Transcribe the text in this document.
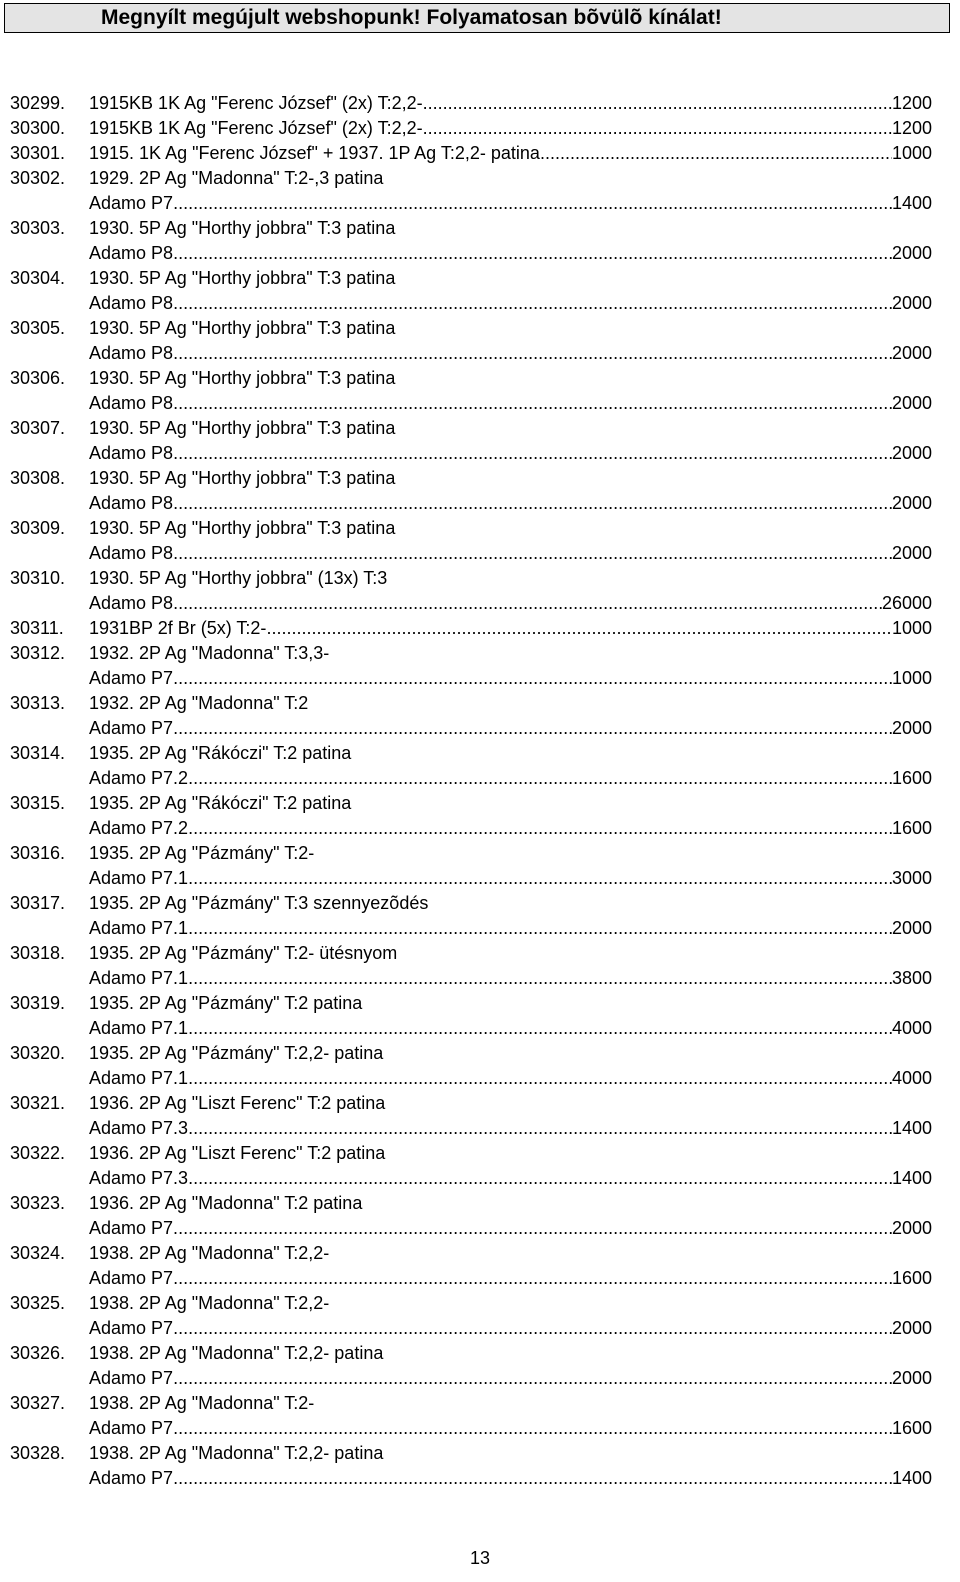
Megnyílt megújult webshopunk! Folyamatosan bõvülõ kínálat!
30299.	1915KB 1K Ag "Ferenc József" (2x) T:2,2- .....	1200
30300.	1915KB 1K Ag "Ferenc József" (2x) T:2,2- .....	1200
30301.	1915. 1K Ag "Ferenc József" + 1937. 1P Ag T:2,2- patina .....	1000
30302.	1929. 2P Ag "Madonna" T:2-,3 patina
Adamo P7 .....	1400
30303.	1930. 5P Ag "Horthy jobbra" T:3 patina
Adamo P8 .....	2000
30304.	1930. 5P Ag "Horthy jobbra" T:3 patina
Adamo P8 .....	2000
30305.	1930. 5P Ag "Horthy jobbra" T:3 patina
Adamo P8 .....	2000
30306.	1930. 5P Ag "Horthy jobbra" T:3 patina
Adamo P8 .....	2000
30307.	1930. 5P Ag "Horthy jobbra" T:3 patina
Adamo P8 .....	2000
30308.	1930. 5P Ag "Horthy jobbra" T:3 patina
Adamo P8 .....	2000
30309.	1930. 5P Ag "Horthy jobbra" T:3 patina
Adamo P8 .....	2000
30310.	1930. 5P Ag "Horthy jobbra" (13x) T:3
Adamo P8 .....	26000
30311.	1931BP 2f Br (5x) T:2- .....	1000
30312.	1932. 2P Ag "Madonna" T:3,3-
Adamo P7 .....	1000
30313.	1932. 2P Ag "Madonna" T:2
Adamo P7 .....	2000
30314.	1935. 2P Ag "Rákóczi" T:2 patina
Adamo P7.2 .....	1600
30315.	1935. 2P Ag "Rákóczi" T:2 patina
Adamo P7.2 .....	1600
30316.	1935. 2P Ag "Pázmány" T:2-
Adamo P7.1 .....	3000
30317.	1935. 2P Ag "Pázmány" T:3 szennyezõdés
Adamo P7.1 .....	2000
30318.	1935. 2P Ag "Pázmány" T:2- ütésnyom
Adamo P7.1 .....	3800
30319.	1935. 2P Ag "Pázmány" T:2 patina
Adamo P7.1 .....	4000
30320.	1935. 2P Ag "Pázmány" T:2,2- patina
Adamo P7.1 .....	4000
30321.	1936. 2P Ag "Liszt Ferenc" T:2 patina
Adamo P7.3 .....	1400
30322.	1936. 2P Ag "Liszt Ferenc" T:2 patina
Adamo P7.3 .....	1400
30323.	1936. 2P Ag "Madonna" T:2 patina
Adamo P7. .....	2000
30324.	1938. 2P Ag "Madonna" T:2,2-
Adamo P7 .....	1600
30325.	1938. 2P Ag "Madonna" T:2,2-
Adamo P7 .....	2000
30326.	1938. 2P Ag "Madonna" T:2,2- patina
Adamo P7 .....	2000
30327.	1938. 2P Ag "Madonna" T:2-
Adamo P7 .....	1600
30328.	1938. 2P Ag "Madonna" T:2,2- patina
Adamo P7 .....	1400
13
